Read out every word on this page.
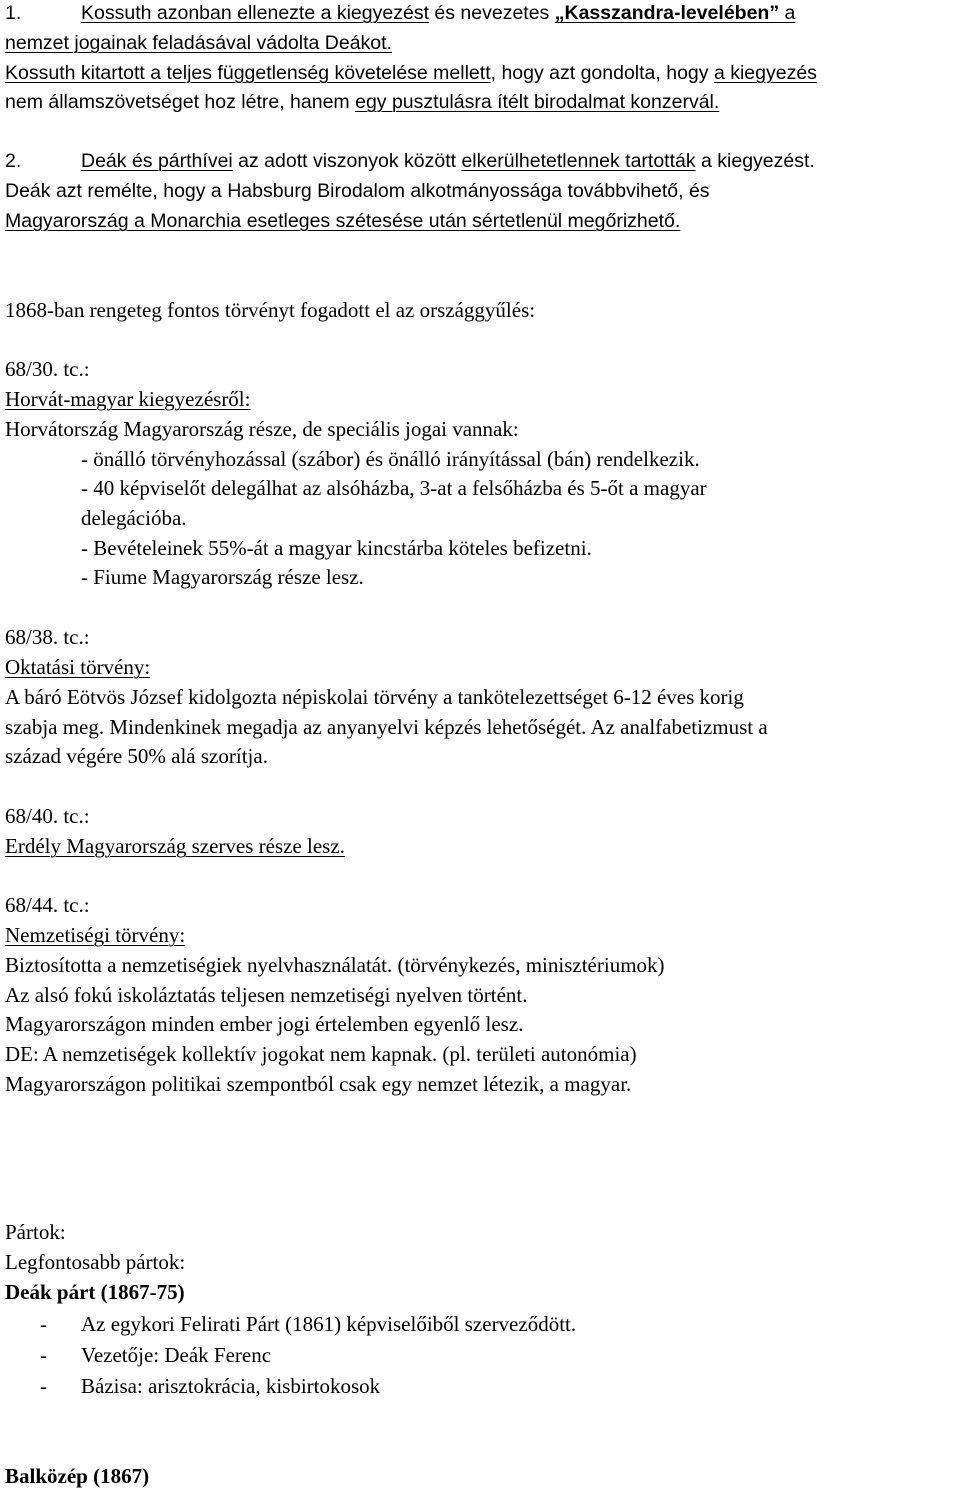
1.	Kossuth azonban ellenezte a kiegyezést és nevezetes „Kasszandra-levelében” a
nemzet jogainak feladásával vádolta Deákot.
Kossuth kitartott a teljes függetlenség követelése mellett, hogy azt gondolta, hogy a kiegyezés
nem államszövetséget hoz létre, hanem egy pusztulásra ítélt birodalmat konzervál.
2.	Deák és párthívei az adott viszonyok között elkerülhetetlennek tartották a kiegyezést.
Deák azt remélte, hogy a Habsburg Birodalom alkotmányossága továbbvihető, és
Magyarország a Monarchia esetleges szétesése után sértetlenül megőrizhető.
1868-ban rengeteg fontos törvényt fogadott el az országgyűlés:
68/30. tc.:
Horvát-magyar kiegyezésről:
Horvátország Magyarország része, de speciális jogai vannak:
- önálló törvényhozással (szábor) és önálló irányítással (bán) rendelkezik.
- 40 képviselőt delegálhat az alsóházba, 3-at a felsőházba és 5-őt a magyar
delegációba.
- Bevételeinek 55%-át a magyar kincstárba köteles befizetni.
- Fiume Magyarország része lesz.
68/38. tc.:
Oktatási törvény:
A báró Eötvös József kidolgozta népiskolai törvény a tankötelezettséget 6-12 éves korig
szabja meg. Mindenkinek megadja az anyanyelvi képzés lehetőségét. Az analfabetizmust a
század végére 50% alá szorítja.
68/40. tc.:
Erdély Magyarország szerves része lesz.
68/44. tc.:
Nemzetiségi törvény:
Biztosította a nemzetiségiek nyelvhasználatát. (törvénykezés, minisztériumok)
Az alsó fokú iskoláztatás teljesen nemzetiségi nyelven történt.
Magyarországon minden ember jogi értelemben egyenlő lesz.
DE: A nemzetiségek kollektív jogokat nem kapnak. (pl. területi autonómia)
Magyarországon politikai szempontból csak egy nemzet létezik, a magyar.
Pártok:
Legfontosabb pártok:
Deák párt (1867-75)
- Az egykori Felirati Párt (1861) képviselőiből szerveződött.
- Vezetője: Deák Ferenc
- Bázisa: arisztokrácia, kisbirtokosok
Balközép (1867)
